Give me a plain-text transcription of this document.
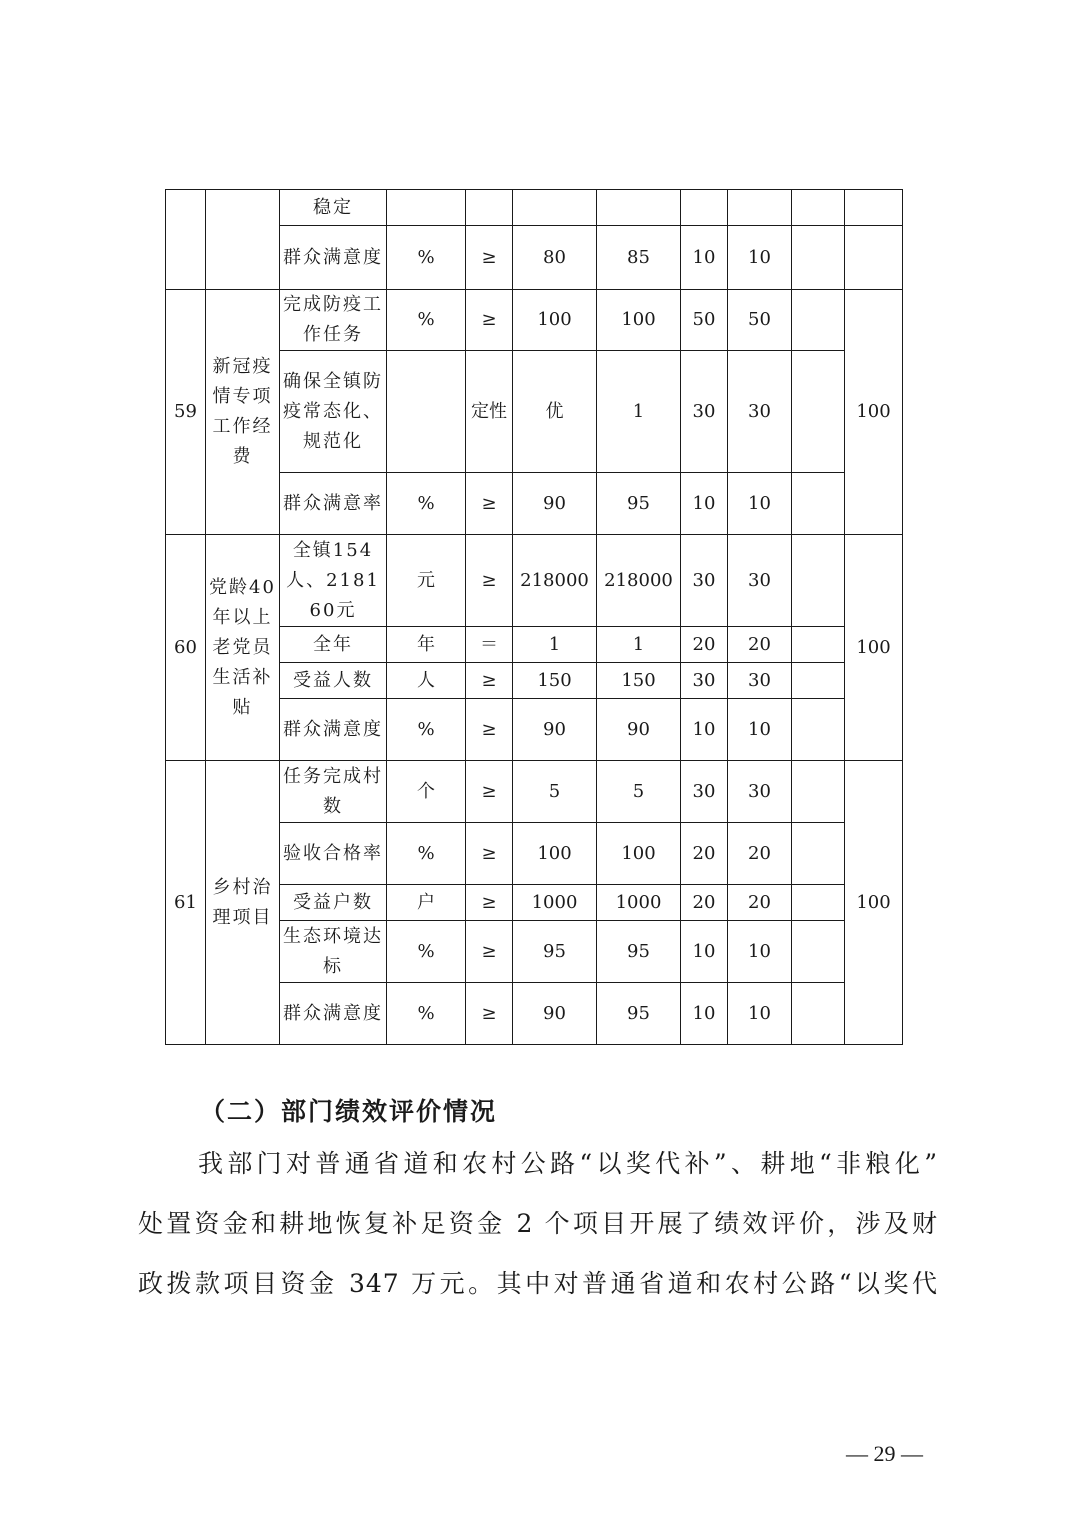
		稳定								
		群众满意度	%	≥	80	85	10	10		
59	新冠疫情专项工作经费	完成防疫工作任务	%	≥	100	100	50	50		100
		确保全镇防疫常态化、规范化		定性	优	1	30	30		
		群众满意率	%	≥	90	95	10	10		
60	党龄40年以上老党员生活补贴	全镇154人、218160元	元	≥	218000	218000	30	30		100
		全年	年	＝	1	1	20	20		
		受益人数	人	≥	150	150	30	30		
		群众满意度	%	≥	90	90	10	10		
61	乡村治理项目	任务完成村数	个	≥	5	5	30	30		100
		验收合格率	%	≥	100	100	20	20		
		受益户数	户	≥	1000	1000	20	20		
		生态环境达标	%	≥	95	95	10	10		
		群众满意度	%	≥	90	95	10	10		
（二）部门绩效评价情况

我部门对普通省道和农村公路“以奖代补”、耕地“非粮化”
处置资金和耕地恢复补足资金 2 个项目开展了绩效评价，涉及财
政拨款项目资金 347 万元。其中对普通省道和农村公路“以奖代

— 29 —
